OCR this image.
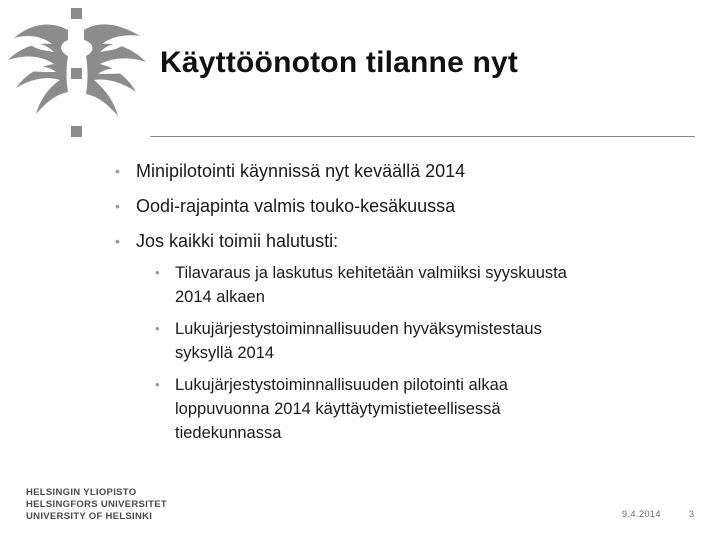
Käyttöönoton tilanne nyt
• Minipilotointi käynnissä nyt keväällä 2014
• Oodi-rajapinta valmis touko-kesäkuussa
• Jos kaikki toimii halutusti:
• Tilavaraus ja laskutus kehitetään valmiiksi syyskuusta
2014 alkaen
• Lukujärjestystoiminnallisuuden hyväksymistestaus
syksyllä 2014
• Lukujärjestystoiminnallisuuden pilotointi alkaa
loppuvuonna 2014 käyttäytymistieteellisessä
tiedekunnassa
HELSINGIN YLIOPISTO
HELSINGFORS UNIVERSITET
UNIVERSITY OF HELSINKI	9.4.2014	3
